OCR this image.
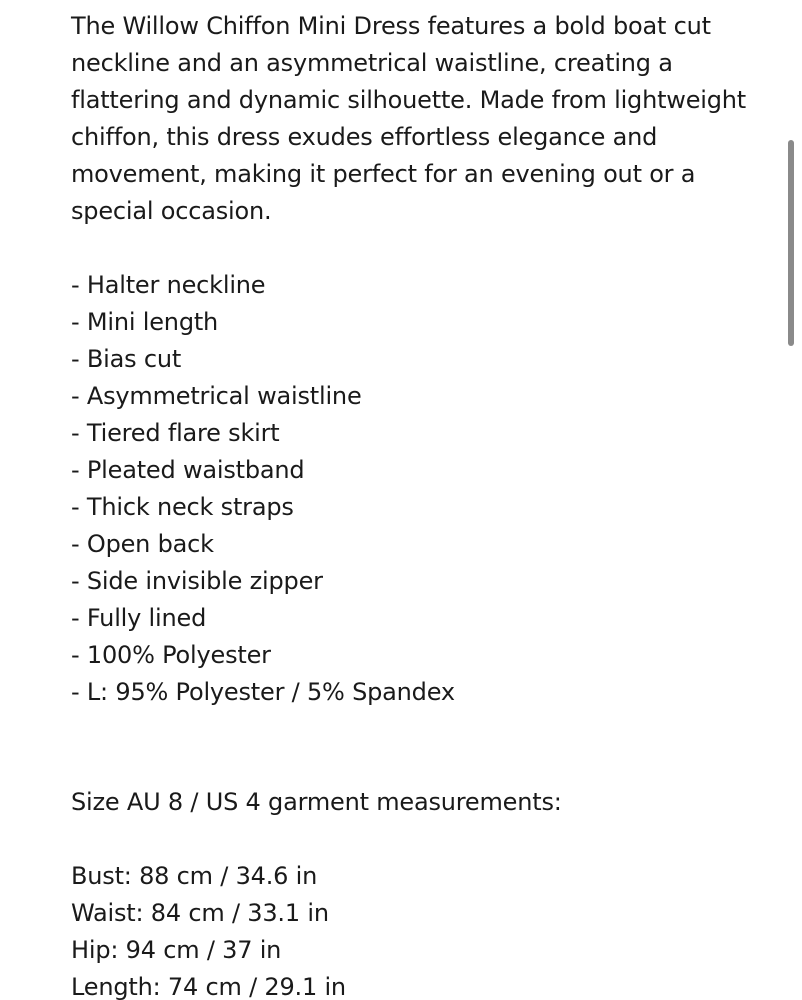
The Willow Chiffon Mini Dress features a bold boat cut neckline and an asymmetrical waistline, creating a flattering and dynamic silhouette. Made from lightweight chiffon, this dress exudes effortless elegance and movement, making it perfect for an evening out or a special occasion.

- Halter neckline
- Mini length
- Bias cut
- Asymmetrical waistline
- Tiered flare skirt
- Pleated waistband
- Thick neck straps
- Open back
- Side invisible zipper
- Fully lined
- 100% Polyester
- L: 95% Polyester / 5% Spandex

Size AU 8 / US 4 garment measurements:

Bust: 88 cm / 34.6 in
Waist: 84 cm / 33.1 in
Hip: 94 cm / 37 in
Length: 74 cm / 29.1 in
